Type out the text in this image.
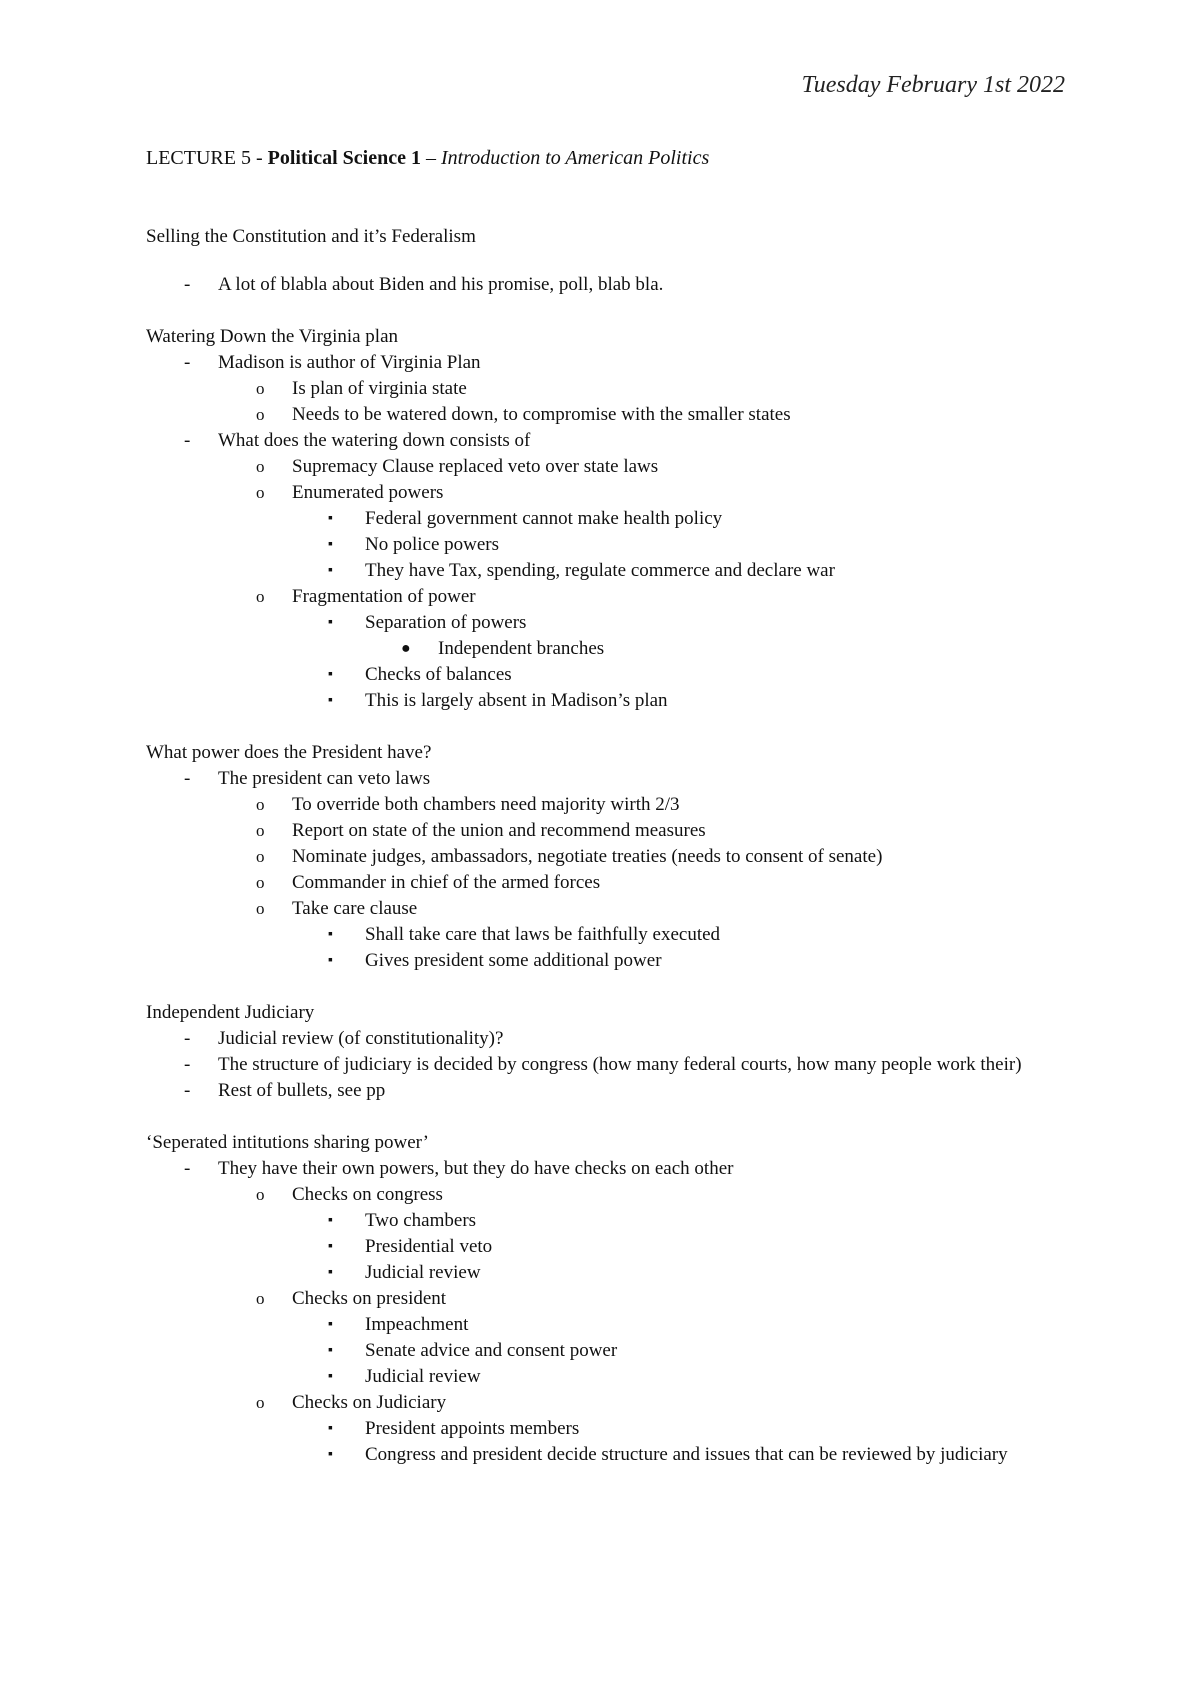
Tuesday February 1st 2022
LECTURE 5 - Political Science 1 – Introduction to American Politics
Selling the Constitution and it’s Federalism
- A lot of blabla about Biden and his promise, poll, blab bla.
Watering Down the Virginia plan
- Madison is author of Virginia Plan
o Is plan of virginia state
o Needs to be watered down, to compromise with the smaller states
- What does the watering down consists of
o Supremacy Clause replaced veto over state laws
o Enumerated powers
▪ Federal government cannot make health policy
▪ No police powers
▪ They have Tax, spending, regulate commerce and declare war
o Fragmentation of power
▪ Separation of powers
● Independent branches
▪ Checks of balances
▪ This is largely absent in Madison’s plan
What power does the President have?
- The president can veto laws
o To override both chambers need majority wirth 2/3
o Report on state of the union and recommend measures
o Nominate judges, ambassadors, negotiate treaties (needs to consent of senate)
o Commander in chief of the armed forces
o Take care clause
▪ Shall take care that laws be faithfully executed
▪ Gives president some additional power
Independent Judiciary
- Judicial review (of constitutionality)?
- The structure of judiciary is decided by congress (how many federal courts, how many people work their)
- Rest of bullets, see pp
‘Seperated intitutions sharing power’
- They have their own powers, but they do have checks on each other
o Checks on congress
▪ Two chambers
▪ Presidential veto
▪ Judicial review
o Checks on president
▪ Impeachment
▪ Senate advice and consent power
▪ Judicial review
o Checks on Judiciary
▪ President appoints members
▪ Congress and president decide structure and issues that can be reviewed by judiciary
